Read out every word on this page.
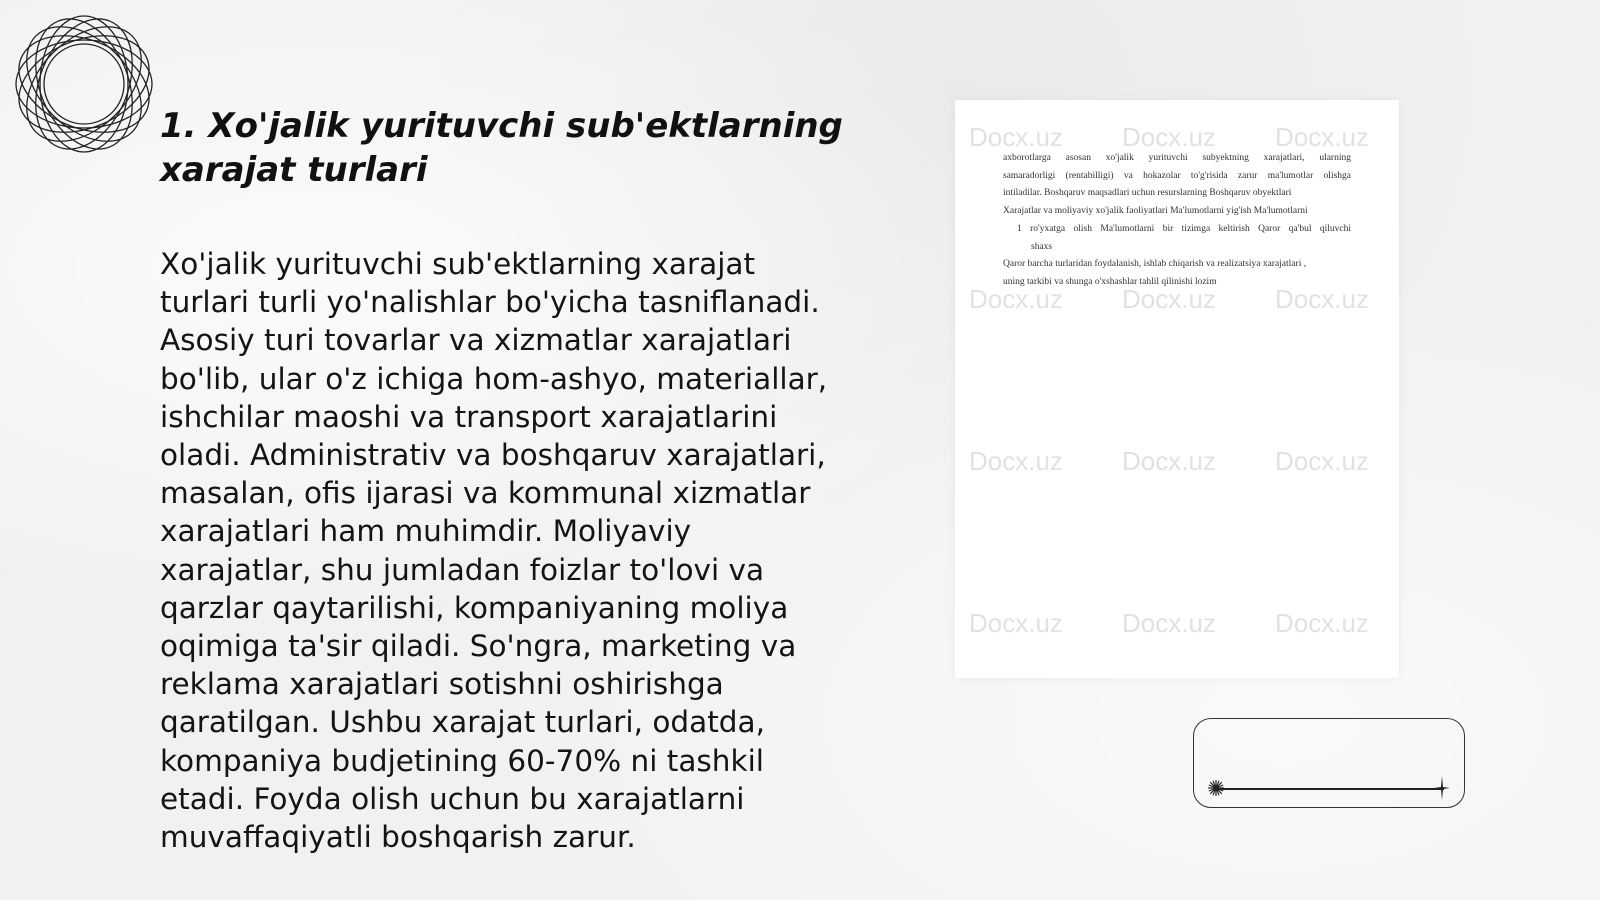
1. Xo'jalik yurituvchi sub'ektlarning xarajat turlari

Xo'jalik yurituvchi sub'ektlarning xarajat turlari turli yo'nalishlar bo'yicha tasniflanadi. Asosiy turi tovarlar va xizmatlar xarajatlari bo'lib, ular o'z ichiga hom-ashyo, materiallar, ishchilar maoshi va transport xarajatlarini oladi. Administrativ va boshqaruv xarajatlari, masalan, ofis ijarasi va kommunal xizmatlar xarajatlari ham muhimdir. Moliyaviy xarajatlar, shu jumladan foizlar to'lovi va qarzlar qaytarilishi, kompaniyaning moliya oqimiga ta'sir qiladi. So'ngra, marketing va reklama xarajatlari sotishni oshirishga qaratilgan. Ushbu xarajat turlari, odatda, kompaniya budjetining 60-70% ni tashkil etadi. Foyda olish uchun bu xarajatlarni muvaffaqiyatli boshqarish zarur.

Docx.uz Docx.uz Docx.uz
Docx.uz Docx.uz Docx.uz
Docx.uz Docx.uz Docx.uz
Docx.uz Docx.uz Docx.uz
axborotlarga asosan xo'jalik yurituvchi subyektning xarajatlari, ularning
samaradorligi (rentabilligi) va hokazolar to'g'risida zarur ma'lumotlar olishga
intiladilar. Boshqaruv maqsadlari uchun resurslarning Boshqaruv obyektlari
Xarajatlar va moliyaviy xo'jalik faoliyatlari Ma'lumotlarni yig'ish Ma'lumotlarni
1 ro'yxatga olish Ma'lumotlarni bir tizimga keltirish Qaror qa'bul qiluvchi
shaxs
Qaror barcha turlaridan foydalanish, ishlab chiqarish va realizatsiya xarajatlari ,
uning tarkibi va shunga o'xshashlar tahlil qilinishi lozim
